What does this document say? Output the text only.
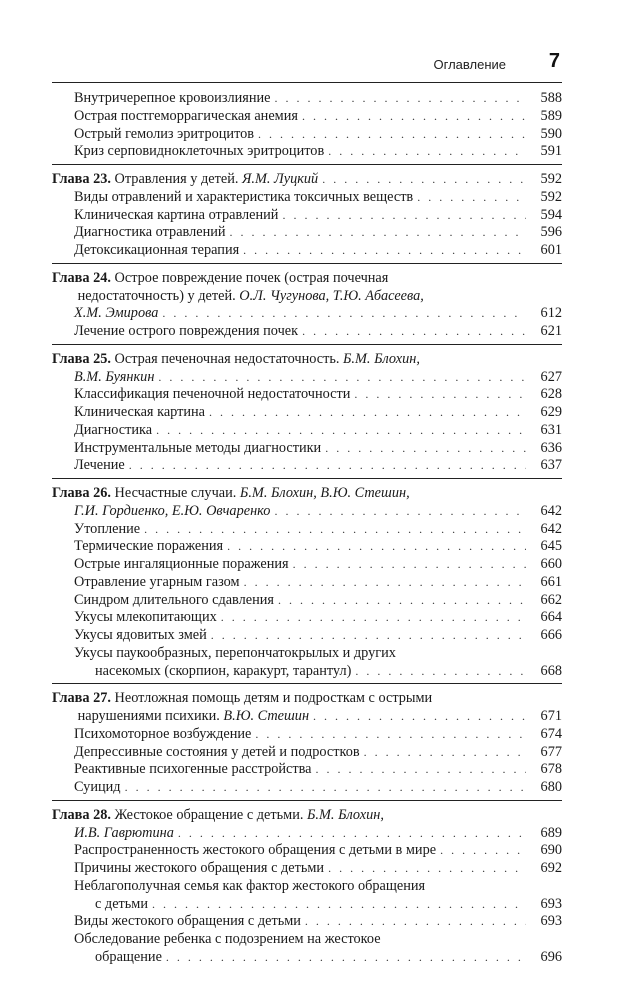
Оглавление 7
Внутричерепное кровоизлияние . . .	588
Острая постгеморрагическая анемия . . .	589
Острый гемолиз эритроцитов . . .	590
Криз серповидноклеточных эритроцитов . . .	591
Глава 23. Отравления у детей. Я.М. Луцкий . . .	592
Виды отравлений и характеристика токсичных веществ . . .	592
Клиническая картина отравлений . . .	594
Диагностика отравлений . . .	596
Детоксикационная терапия . . .	601
Глава 24. Острое повреждение почек (острая почечная
недостаточность) у детей. О.Л. Чугунова, Т.Ю. Абасеева,
Х.М. Эмирова . . .	612
Лечение острого повреждения почек . . .	621
Глава 25. Острая печеночная недостаточность. Б.М. Блохин,
В.М. Буянкин . . .	627
Классификация печеночной недостаточности . . .	628
Клиническая картина . . .	629
Диагностика . . .	631
Инструментальные методы диагностики . . .	636
Лечение . . .	637
Глава 26. Несчастные случаи. Б.М. Блохин, В.Ю. Стешин,
Г.И. Гордиенко, Е.Ю. Овчаренко . . .	642
Утопление . . .	642
Термические поражения . . .	645
Острые ингаляционные поражения . . .	660
Отравление угарным газом . . .	661
Синдром длительного сдавления . . .	662
Укусы млекопитающих . . .	664
Укусы ядовитых змей . . .	666
Укусы паукообразных, перепончатокрылых и других
насекомых (скорпион, каракурт, тарантул) . . .	668
Глава 27. Неотложная помощь детям и подросткам с острыми
нарушениями психики. В.Ю. Стешин . . .	671
Психомоторное возбуждение . . .	674
Депрессивные состояния у детей и подростков . . .	677
Реактивные психогенные расстройства . . .	678
Суицид . . .	680
Глава 28. Жестокое обращение с детьми. Б.М. Блохин,
И.В. Гаврютина . . .	689
Распространенность жестокого обращения с детьми в мире . . .	690
Причины жестокого обращения с детьми . . .	692
Неблагополучная семья как фактор жестокого обращения
с детьми . . .	693
Виды жестокого обращения с детьми . . .	693
Обследование ребенка с подозрением на жестокое
обращение . . .	696
